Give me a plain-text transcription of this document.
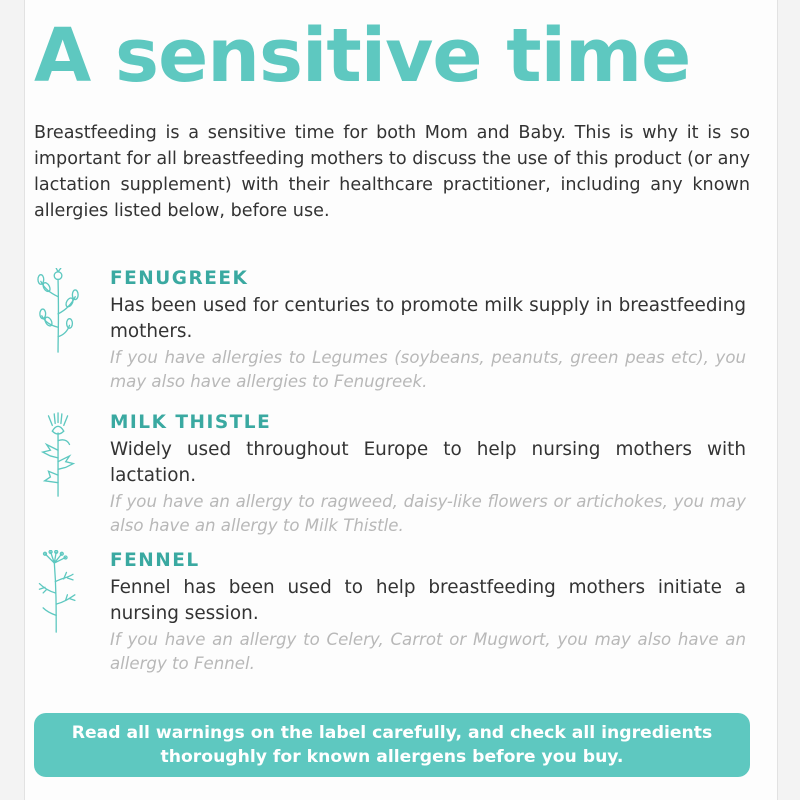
A sensitive time
Breastfeeding is a sensitive time for both Mom and Baby. This is why it is so important for all breastfeeding mothers to discuss the use of this product (or any lactation supplement) with their healthcare practitioner, including any known allergies listed below, before use.
FENUGREEK

Has been used for centuries to promote milk supply in breastfeeding mothers.

If you have allergies to Legumes (soybeans, peanuts, green peas etc), you may also have allergies to Fenugreek.

MILK THISTLE

Widely used throughout Europe to help nursing mothers with lactation.

If you have an allergy to ragweed, daisy-like flowers or artichokes, you may also have an allergy to Milk Thistle.

FENNEL

Fennel has been used to help breastfeeding mothers initiate a nursing session.

If you have an allergy to Celery, Carrot or Mugwort, you may also have an allergy to Fennel.

Read all warnings on the label carefully, and check all ingredients thoroughly for known allergens before you buy.
